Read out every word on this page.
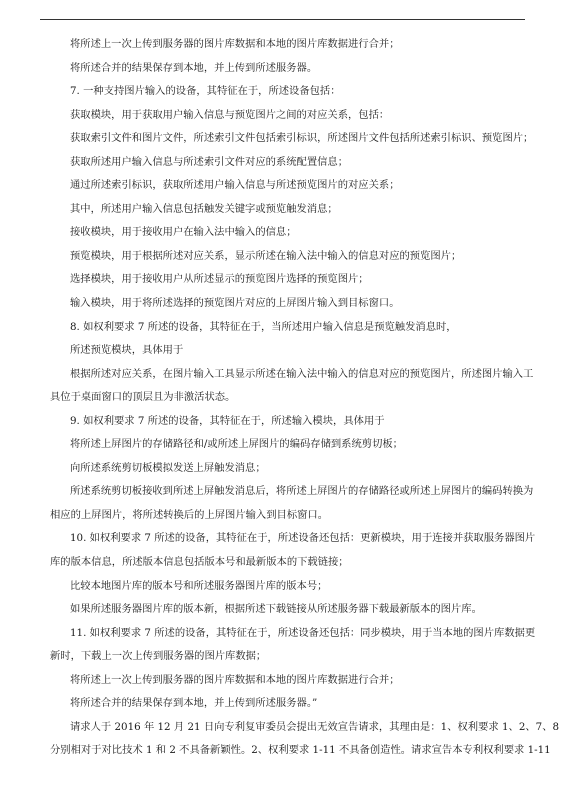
将所述上一次上传到服务器的图片库数据和本地的图片库数据进行合并；

将所述合并的结果保存到本地，并上传到所述服务器。

7. 一种支持图片输入的设备，其特征在于，所述设备包括：

获取模块，用于获取用户输入信息与预览图片之间的对应关系，包括：

获取索引文件和图片文件，所述索引文件包括索引标识，所述图片文件包括所述索引标识、预览图片；

获取所述用户输入信息与所述索引文件对应的系统配置信息；

通过所述索引标识，获取所述用户输入信息与所述预览图片的对应关系；

其中，所述用户输入信息包括触发关键字或预览触发消息；

接收模块，用于接收用户在输入法中输入的信息；

预览模块，用于根据所述对应关系，显示所述在输入法中输入的信息对应的预览图片；

选择模块，用于接收用户从所述显示的预览图片选择的预览图片；

输入模块，用于将所述选择的预览图片对应的上屏图片输入到目标窗口。

8. 如权利要求 7 所述的设备，其特征在于，当所述用户输入信息是预览触发消息时，

所述预览模块，具体用于

根据所述对应关系，在图片输入工具显示所述在输入法中输入的信息对应的预览图片，所述图片输入工

具位于桌面窗口的顶层且为非激活状态。

9. 如权利要求 7 所述的设备，其特征在于，所述输入模块，具体用于

将所述上屏图片的存储路径和/或所述上屏图片的编码存储到系统剪切板；

向所述系统剪切板模拟发送上屏触发消息；

所述系统剪切板接收到所述上屏触发消息后，将所述上屏图片的存储路径或所述上屏图片的编码转换为

相应的上屏图片，将所述转换后的上屏图片输入到目标窗口。

10. 如权利要求 7 所述的设备，其特征在于，所述设备还包括：更新模块，用于连接并获取服务器图片

库的版本信息，所述版本信息包括版本号和最新版本的下载链接；

比较本地图片库的版本号和所述服务器图片库的版本号；

如果所述服务器图片库的版本新，根据所述下载链接从所述服务器下载最新版本的图片库。

11. 如权利要求 7 所述的设备，其特征在于，所述设备还包括：同步模块，用于当本地的图片库数据更

新时，下载上一次上传到服务器的图片库数据；

将所述上一次上传到服务器的图片库数据和本地的图片库数据进行合并；

将所述合并的结果保存到本地，并上传到所述服务器。”

请求人于 2016 年 12 月 21 日向专利复审委员会提出无效宣告请求，其理由是：1、权利要求 1、2、7、8

分别相对于对比技术 1 和 2 不具备新颖性。2、权利要求 1-11 不具备创造性。请求宣告本专利权利要求 1-11
